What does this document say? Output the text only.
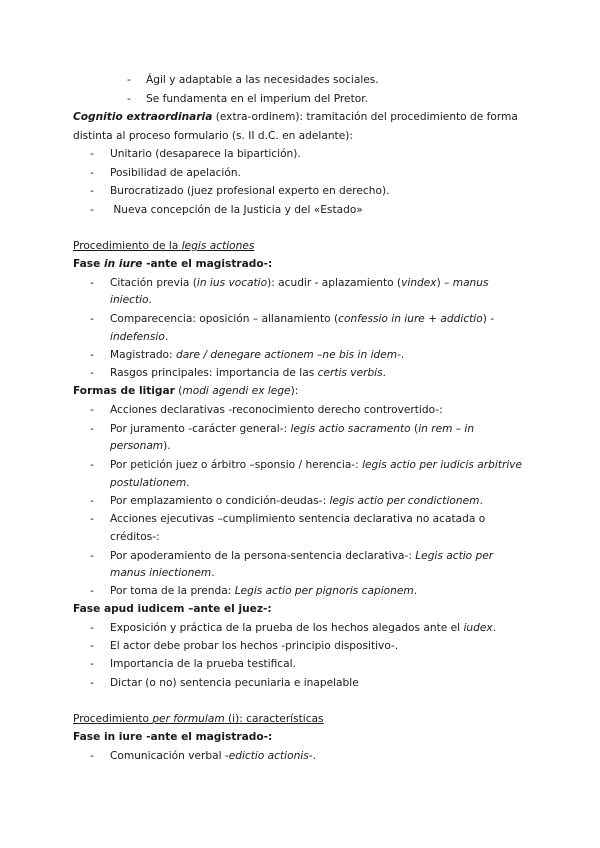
- Ágil y adaptable a las necesidades sociales.
- Se fundamenta en el imperium del Pretor.
Cognitio extraordinaria (extra-ordinem): tramitación del procedimiento de forma
distinta al proceso formulario (s. II d.C. en adelante):
- Unitario (desaparece la bipartición).
- Posibilidad de apelación.
- Burocratizado (juez profesional experto en derecho).
- Nueva concepción de la Justicia y del «Estado»
Procedimiento de la legis actiones
Fase in iure -ante el magistrado-:
- Citación previa (in ius vocatio): acudir - aplazamiento (vindex) – manus
iniectio.
- Comparecencia: oposición – allanamiento (confessio in iure + addictio) -
indefensio.
- Magistrado: dare / denegare actionem –ne bis in idem-.
- Rasgos principales: importancia de las certis verbis.
Formas de litigar (modi agendi ex lege):
- Acciones declarativas -reconocimiento derecho controvertido-:
- Por juramento -carácter general-: legis actio sacramento (in rem – in
personam).
- Por petición juez o árbitro –sponsio / herencia-: legis actio per iudicis arbitrive
postulationem.
- Por emplazamiento o condición-deudas-: legis actio per condictionem.
- Acciones ejecutivas –cumplimiento sentencia declarativa no acatada o
créditos-:
- Por apoderamiento de la persona-sentencia declarativa-: Legis actio per
manus iniectionem.
- Por toma de la prenda: Legis actio per pignoris capionem.
Fase apud iudicem –ante el juez-:
- Exposición y práctica de la prueba de los hechos alegados ante el iudex.
- El actor debe probar los hechos -principio dispositivo-.
- Importancia de la prueba testifical.
- Dictar (o no) sentencia pecuniaria e inapelable
Procedimiento per formulam (i): características
Fase in iure -ante el magistrado-:
- Comunicación verbal -edictio actionis-.
